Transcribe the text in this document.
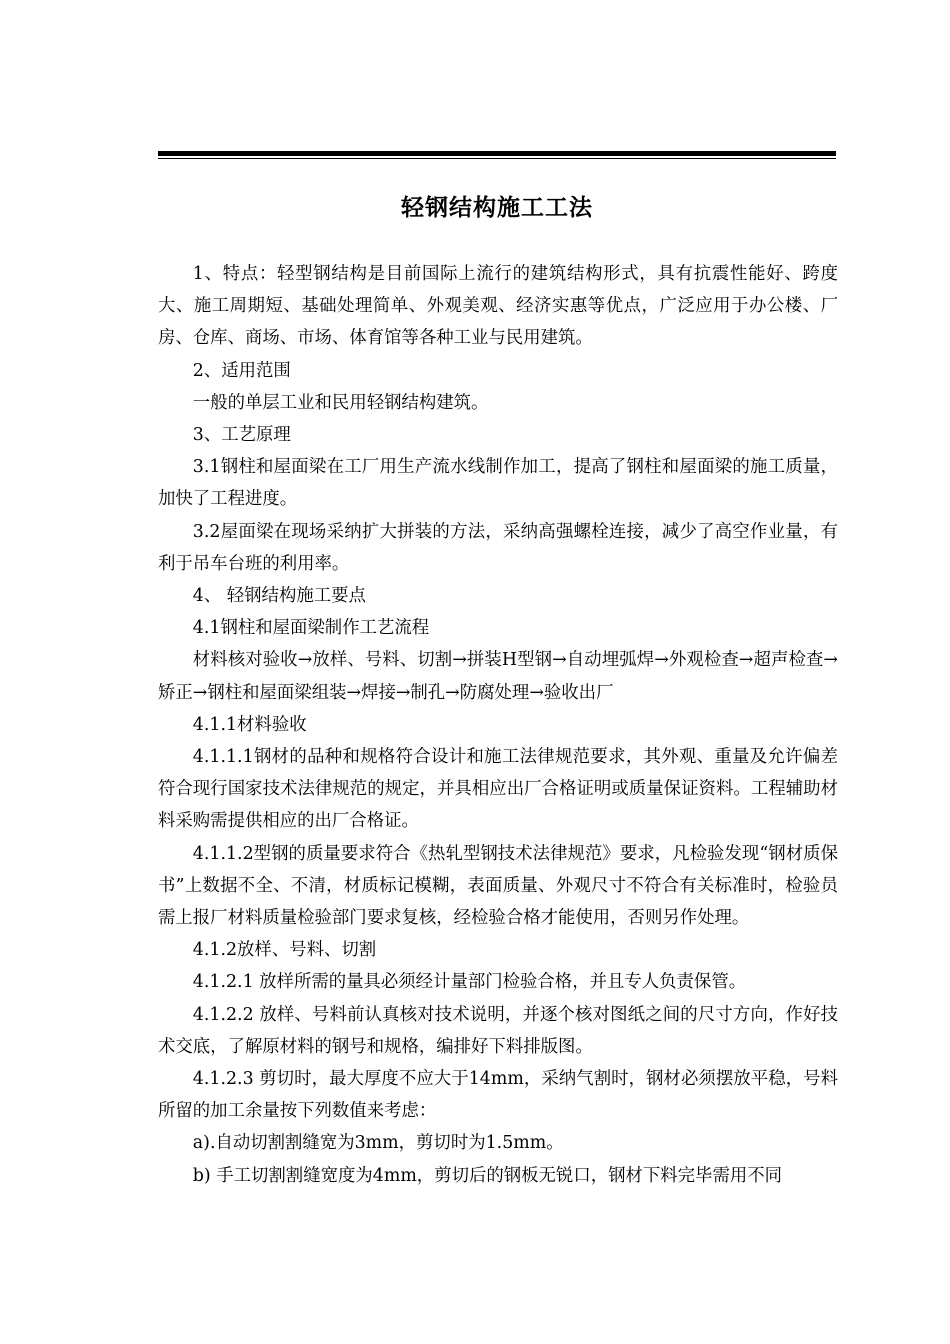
轻钢结构施工工法

1、特点：轻型钢结构是目前国际上流行的建筑结构形式，具有抗震性能好、跨度大、施工周期短、基础处理简单、外观美观、经济实惠等优点，广泛应用于办公楼、厂房、仓库、商场、市场、体育馆等各种工业与民用建筑。

2、适用范围

一般的单层工业和民用轻钢结构建筑。

3、工艺原理

3.1钢柱和屋面梁在工厂用生产流水线制作加工，提高了钢柱和屋面梁的施工质量，加快了工程进度。

3.2屋面梁在现场采纳扩大拼装的方法，采纳高强螺栓连接，减少了高空作业量，有利于吊车台班的利用率。

4、 轻钢结构施工要点

4.1钢柱和屋面梁制作工艺流程

材料核对验收→放样、号料、切割→拼装H型钢→自动埋弧焊→外观检查→超声检查→矫正→钢柱和屋面梁组装→焊接→制孔→防腐处理→验收出厂

4.1.1材料验收

4.1.1.1钢材的品种和规格符合设计和施工法律规范要求，其外观、重量及允许偏差符合现行国家技术法律规范的规定，并具相应出厂合格证明或质量保证资料。工程辅助材料采购需提供相应的出厂合格证。

4.1.1.2型钢的质量要求符合《热轧型钢技术法律规范》要求，凡检验发现“钢材质保书”上数据不全、不清，材质标记模糊，表面质量、外观尺寸不符合有关标准时，检验员需上报厂材料质量检验部门要求复核，经检验合格才能使用，否则另作处理。

4.1.2放样、号料、切割

4.1.2.1 放样所需的量具必须经计量部门检验合格，并且专人负责保管。

4.1.2.2 放样、号料前认真核对技术说明，并逐个核对图纸之间的尺寸方向，作好技术交底，了解原材料的钢号和规格，编排好下料排版图。

4.1.2.3 剪切时，最大厚度不应大于14mm，采纳气割时，钢材必须摆放平稳，号料所留的加工余量按下列数值来考虑：

a).自动切割割缝宽为3mm，剪切时为1.5mm。

b) 手工切割割缝宽度为4mm，剪切后的钢板无锐口，钢材下料完毕需用不同
